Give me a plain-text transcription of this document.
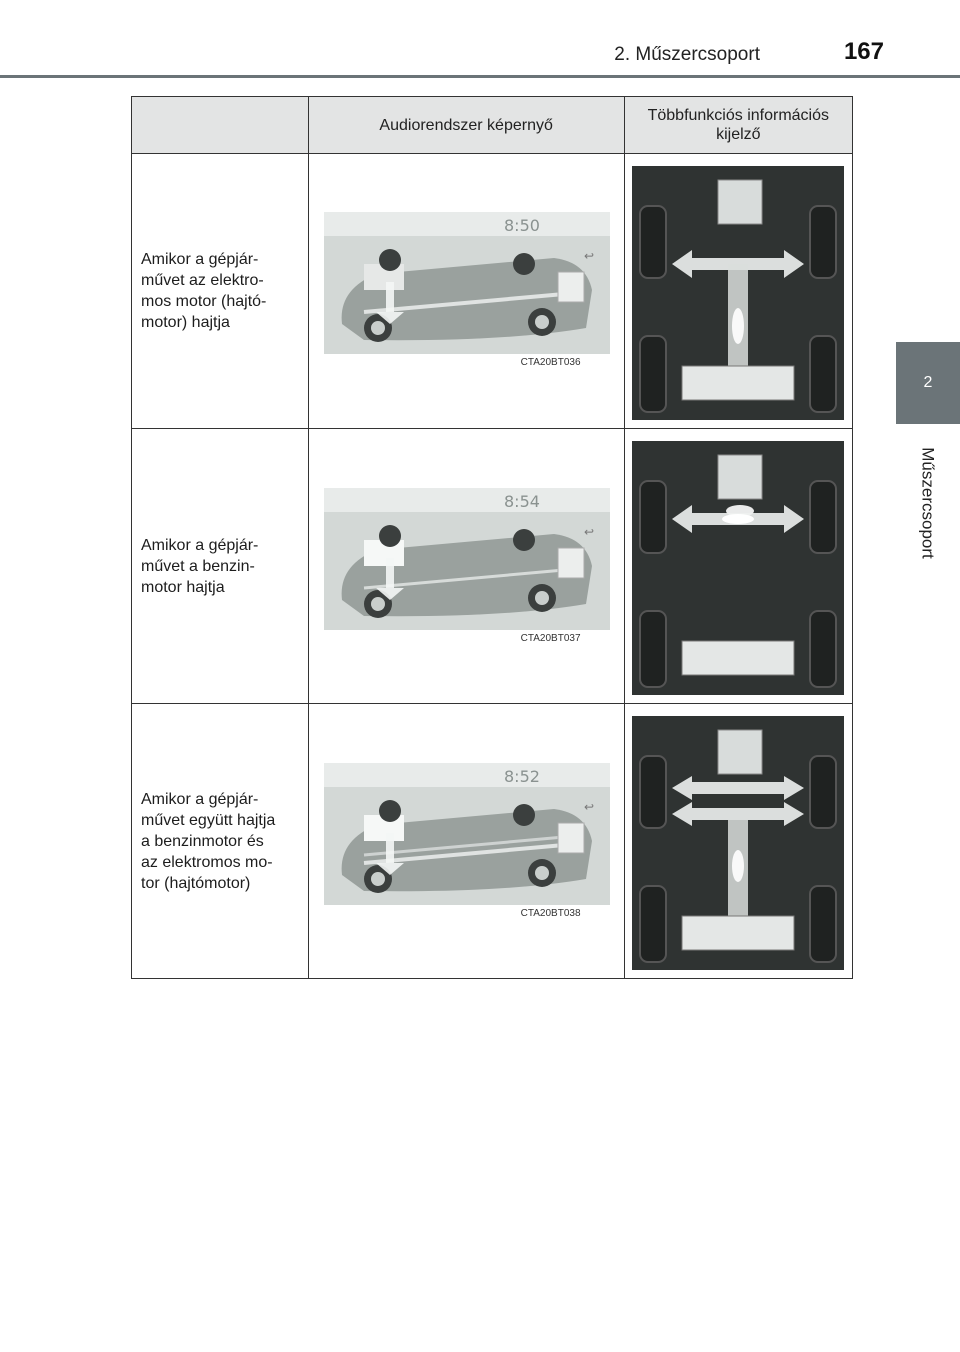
2. Műszercsoport	167
2
Műszercsoport
	Audiorendszer képernyő	Többfunkciós információs kijelző

Amikor a gépjár-
művet az elektro-
mos motor (hajtó-
motor) hajtja	8:50
↩
CTA20BT036

Amikor a gépjár-
művet a benzin-
motor hajtja	8:54
↩
CTA20BT037

Amikor a gépjár-
művet együtt hajtja
a benzinmotor és
az elektromos mo-
tor (hajtómotor)	8:52
↩
CTA20BT038
